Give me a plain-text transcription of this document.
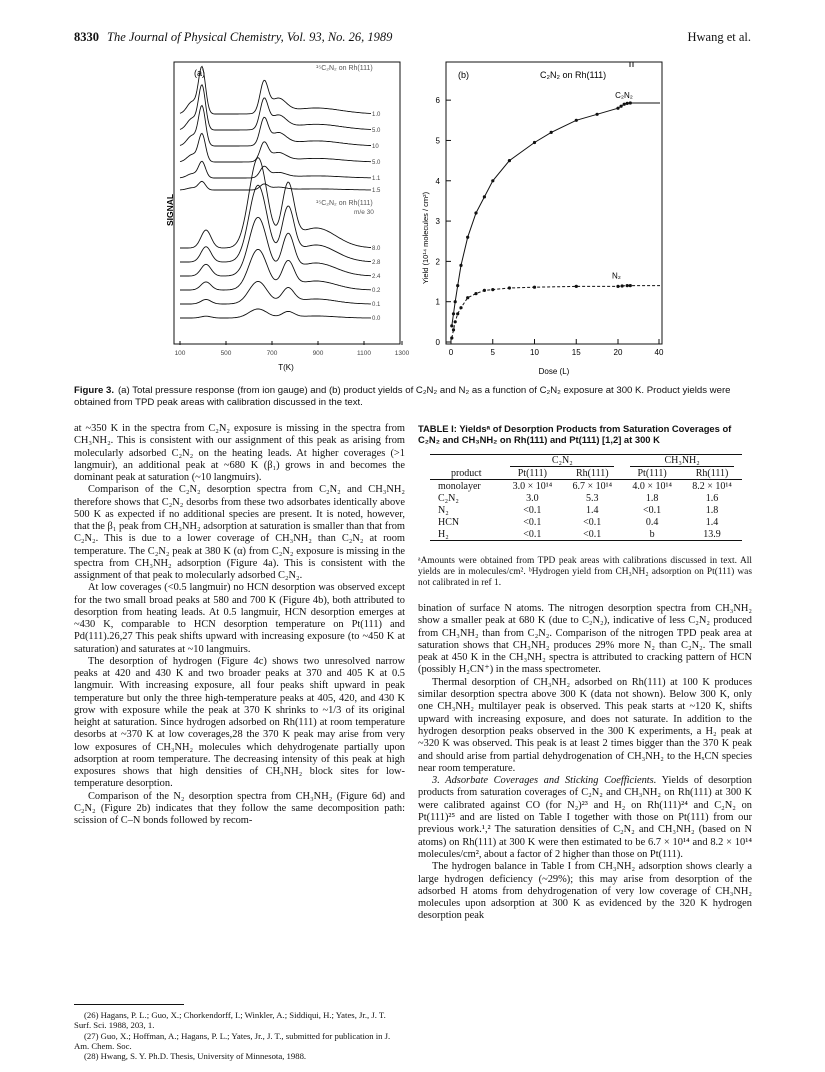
8330 The Journal of Physical Chemistry, Vol. 93, No. 26, 1989	Hwang et al.
(a)	¹⁵C₂N₂ on Rh(111)
¹⁵C₂N₂ on Rh(111)
m/e 30
SIGNAL
1.0
5.0
10
5.0
1.1
1.5
8.0
2.8
2.4
0.2
0.1
0.0
100	500	700	900	1100	1300
T(K)
(b)	C₂N₂ on Rh(111)
Yield (10¹⁴ molecules / cm²)
Dose (L)
0
1
2
3
4
5
6
0	5	10	15	20	40
C₂N₂
N₂
Figure 3. (a) Total pressure response (from ion gauge) and (b) product yields of C₂N₂ and N₂ as a function of C₂N₂ exposure at 300 K. Product yields were obtained from TPD peak areas with calibration discussed in the text.

at ~350 K in the spectra from C₂N₂ exposure is missing in the spectra from CH₃NH₂. This is consistent with our assignment of this peak as arising from molecularly adsorbed C₂N₂ on the heating leads. At higher coverages (>1 langmuir), an additional peak at ~680 K (β₁) grows in and becomes the dominant peak at saturation (~10 langmuirs).

Comparison of the C₂N₂ desorption spectra from C₂N₂ and CH₃NH₂ therefore shows that C₂N₂ desorbs from these two adsorbates identically above 500 K as expected if no additional species are present. It is noted, however, that the β₁ peak from CH₃NH₂ adsorption at saturation is smaller than that from C₂N₂. This is due to a lower coverage of CH₃NH₂ than C₂N₂ at room temperature. The C₂N₂ peak at 380 K (α) from C₂N₂ exposure is missing in the spectra from CH₃NH₂ adsorption (Figure 4a). This is consistent with the assignment of that peak to molecularly adsorbed C₂N₂.

At low coverages (<0.5 langmuir) no HCN desorption was observed except for the two small broad peaks at 580 and 700 K (Figure 4b), both attributed to desorption from heating leads. At 0.5 langmuir, HCN desorption emerges at ~430 K, comparable to HCN desorption temperature on Pt(111) and Pd(111).26,27 This peak shifts upward with increasing exposure (to ~450 K at saturation) and saturates at ~10 langmuirs.

The desorption of hydrogen (Figure 4c) shows two unresolved narrow peaks at 420 and 430 K and two broader peaks at 370 and 405 K at 0.5 langmuir. With increasing exposure, all four peaks shift upward in peak temperature but only the three high-temperature peaks at 405, 420, and 430 K grow with exposure while the peak at 370 K shrinks to ~1/3 of its original height at saturation. Since hydrogen adsorbed on Rh(111) at room temperature desorbs at ~370 K at low coverages,28 the 370 K peak may arise from very low exposures of CH₃NH₂ molecules which dehydrogenate partially upon adsorption at room temperature. The decreasing intensity of this peak at high exposures shows that high densities of CH₃NH₂ block sites for low-temperature desorption.

Comparison of the N₂ desorption spectra from CH₃NH₂ (Figure 6d) and C₂N₂ (Figure 2b) indicates that they follow the same decomposition path: scission of C–N bonds followed by recom-

(26) Hagans, P. L.; Guo, X.; Chorkendorff, I.; Winkler, A.; Siddiqui, H.; Yates, Jr., J. T. Surf. Sci. 1988, 203, 1.
(27) Guo, X.; Hoffman, A.; Hagans, P. L.; Yates, Jr., J. T., submitted for publication in J. Am. Chem. Soc.
(28) Hwang, S. Y. Ph.D. Thesis, University of Minnesota, 1988.
TABLE I: Yieldsᵃ of Desorption Products from Saturation Coverages of C₂N₂ and CH₃NH₂ on Rh(111) and Pt(111) [1,2] at 300 K
	C₂N₂		CH₃NH₂	
product	Pt(111)	Rh(111)	Pt(111)	Rh(111)
monolayer	3.0 × 10¹⁴	6.7 × 10¹⁴	4.0 × 10¹⁴	8.2 × 10¹⁴
C₂N₂	3.0	5.3	1.8	1.6
N₂	<0.1	1.4	<0.1	1.8
HCN	<0.1	<0.1	0.4	1.4
H₂	<0.1	<0.1	b	13.9
ᵃAmounts were obtained from TPD peak areas with calibrations discussed in text. All yields are in molecules/cm². ᵇHydrogen yield from CH₃NH₂ adsorption on Pt(111) was not calibrated in ref 1.

bination of surface N atoms. The nitrogen desorption spectra from CH₃NH₂ show a smaller peak at 680 K (due to C₂N₂), indicative of less C₂N₂ produced from CH₃NH₂ than from C₂N₂. Comparison of the nitrogen TPD peak area at saturation shows that CH₃NH₂ produces 29% more N₂ than C₂N₂. The small peak at 450 K in the CH₃NH₂ spectra is attributed to cracking pattern of HCN (possibly H₂CN⁺) in the mass spectrometer.

Thermal desorption of CH₃NH₂ adsorbed on Rh(111) at 100 K produces similar desorption spectra above 300 K (data not shown). Below 300 K, only one CH₃NH₂ multilayer peak is observed. This peak starts at ~120 K, shifts upward with increasing exposure, and does not saturate. In addition to the hydrogen desorption peaks observed in the 300 K experiments, a H₂ peak at ~320 K was observed. This peak is at least 2 times bigger than the 370 K peak and should arise from partial dehydrogenation of CH₃NH₂ to the HₓCN species near room temperature.

3. Adsorbate Coverages and Sticking Coefficients. Yields of desorption products from saturation coverages of C₂N₂ and CH₃NH₂ on Rh(111) at 300 K were calibrated against CO (for N₂)²³ and H₂ on Rh(111)²⁴ and C₂N₂ on Pt(111)²⁵ and are listed on Table I together with those on Pt(111) from our previous work.¹,² The saturation densities of C₂N₂ and CH₃NH₂ (based on N atoms) on Rh(111) at 300 K were then estimated to be 6.7 × 10¹⁴ and 8.2 × 10¹⁴ molecules/cm², about a factor of 2 higher than those on Pt(111).

The hydrogen balance in Table I from CH₃NH₂ adsorption shows clearly a large hydrogen deficiency (~29%); this may arise from desorption of the adsorbed H atoms from dehydrogenation of very low coverage of CH₃NH₂ molecules upon adsorption at 300 K as evidenced by the 320 K hydrogen desorption peak
